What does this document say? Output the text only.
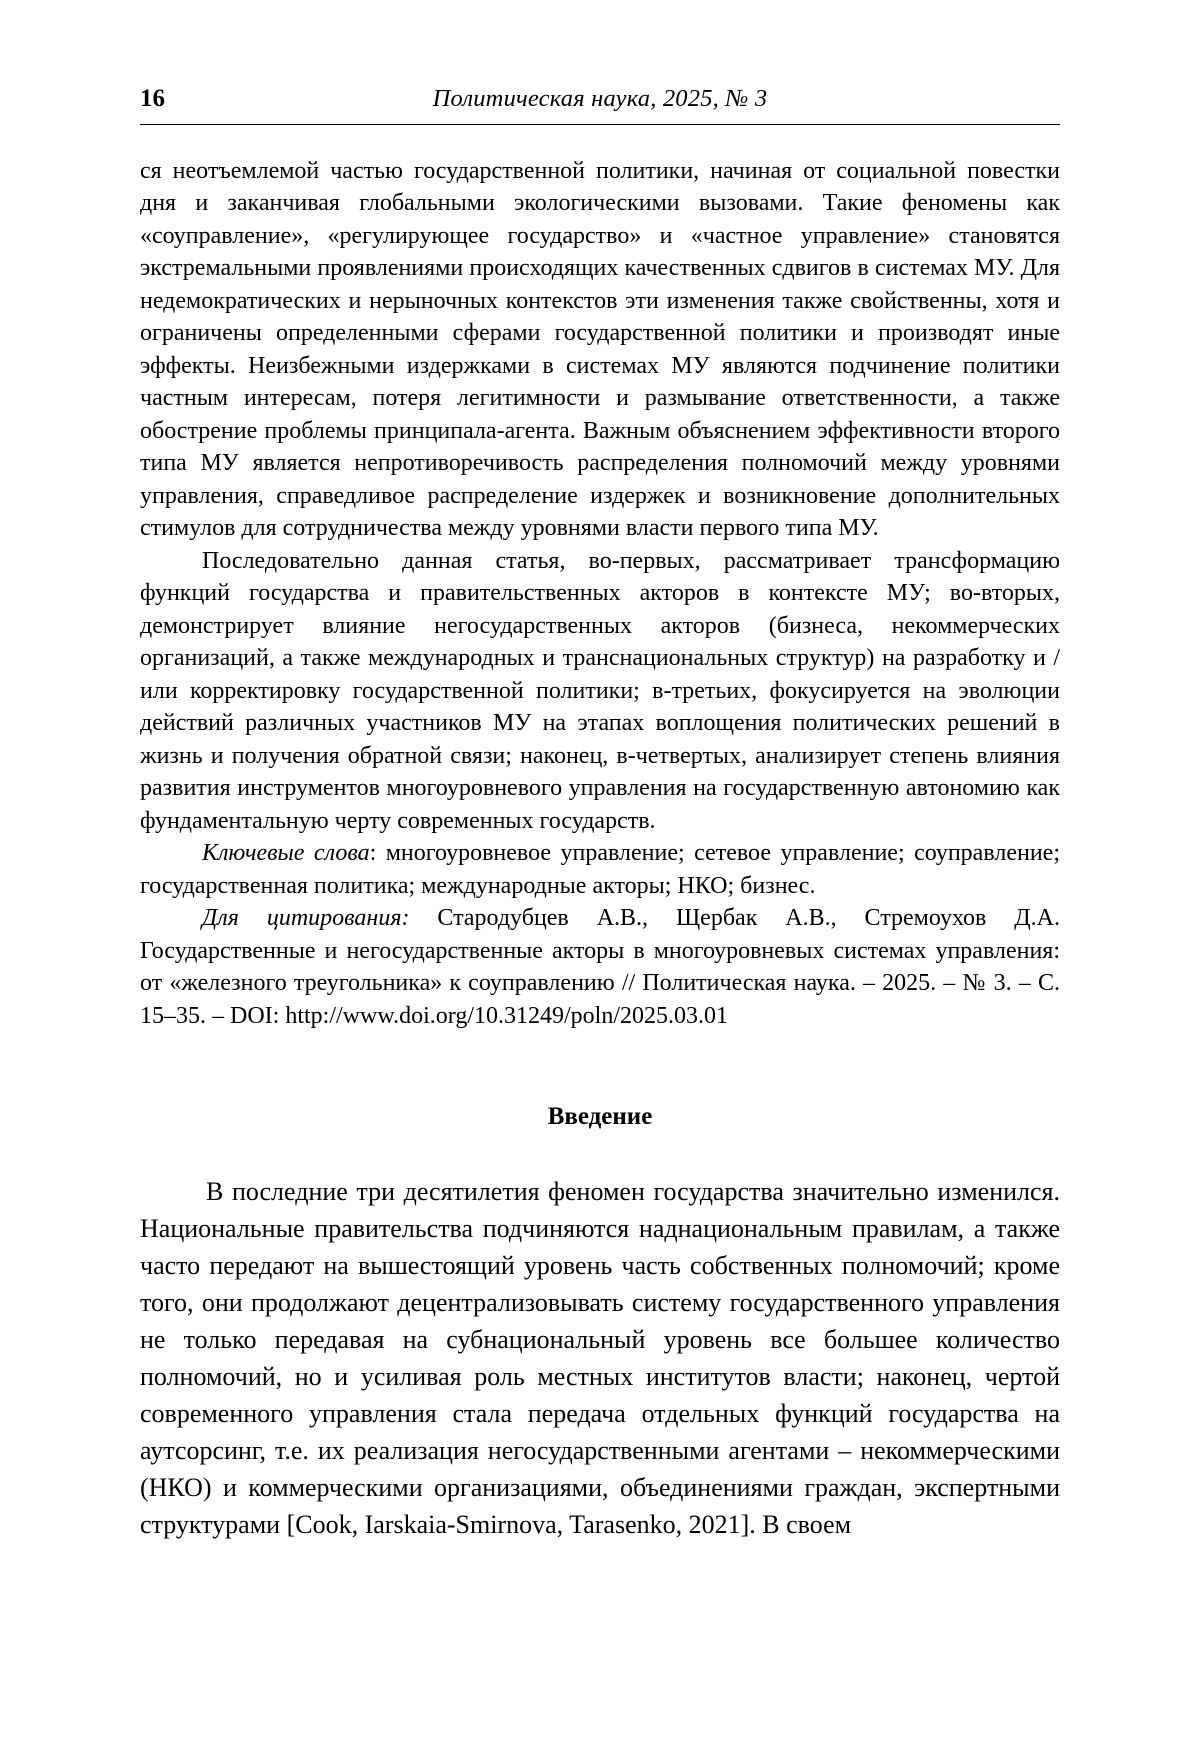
16	Политическая наука, 2025, № 3

ся неотъемлемой частью государственной политики, начиная от социальной повестки дня и заканчивая глобальными экологическими вызовами. Такие феномены как «соуправление», «регулирующее государство» и «частное управление» становятся экстремальными проявлениями происходящих качественных сдвигов в системах МУ. Для недемократических и нерыночных контекстов эти изменения также свойственны, хотя и ограничены определенными сферами государственной политики и производят иные эффекты. Неизбежными издержками в системах МУ являются подчинение политики частным интересам, потеря легитимности и размывание ответственности, а также обострение проблемы принципала-агента. Важным объяснением эффективности второго типа МУ является непротиворечивость распределения полномочий между уровнями управления, справедливое распределение издержек и возникновение дополнительных стимулов для сотрудничества между уровнями власти первого типа МУ.

Последовательно данная статья, во-первых, рассматривает трансформацию функций государства и правительственных акторов в контексте МУ; во-вторых, демонстрирует влияние негосударственных акторов (бизнеса, некоммерческих организаций, а также международных и транснациональных структур) на разработку и / или корректировку государственной политики; в-третьих, фокусируется на эволюции действий различных участников МУ на этапах воплощения политических решений в жизнь и получения обратной связи; наконец, в-четвертых, анализирует степень влияния развития инструментов многоуровневого управления на государственную автономию как фундаментальную черту современных государств.

Ключевые слова: многоуровневое управление; сетевое управление; соуправление; государственная политика; международные акторы; НКО; бизнес.

Для цитирования: Стародубцев А.В., Щербак А.В., Стремоухов Д.А. Государственные и негосударственные акторы в многоуровневых системах управления: от «железного треугольника» к соуправлению // Политическая наука. – 2025. – № 3. – С. 15–35. – DOI: http://www.doi.org/10.31249/poln/2025.03.01

Введение

В последние три десятилетия феномен государства значительно изменился. Национальные правительства подчиняются наднациональным правилам, а также часто передают на вышестоящий уровень часть собственных полномочий; кроме того, они продолжают децентрализовывать систему государственного управления не только передавая на субнациональный уровень все большее количество полномочий, но и усиливая роль местных институтов власти; наконец, чертой современного управления стала передача отдельных функций государства на аутсорсинг, т.е. их реализация негосударственными агентами – некоммерческими (НКО) и коммерческими организациями, объединениями граждан, экспертными структурами [Cook, Iarskaia-Smirnova, Tarasenko, 2021]. В своем
